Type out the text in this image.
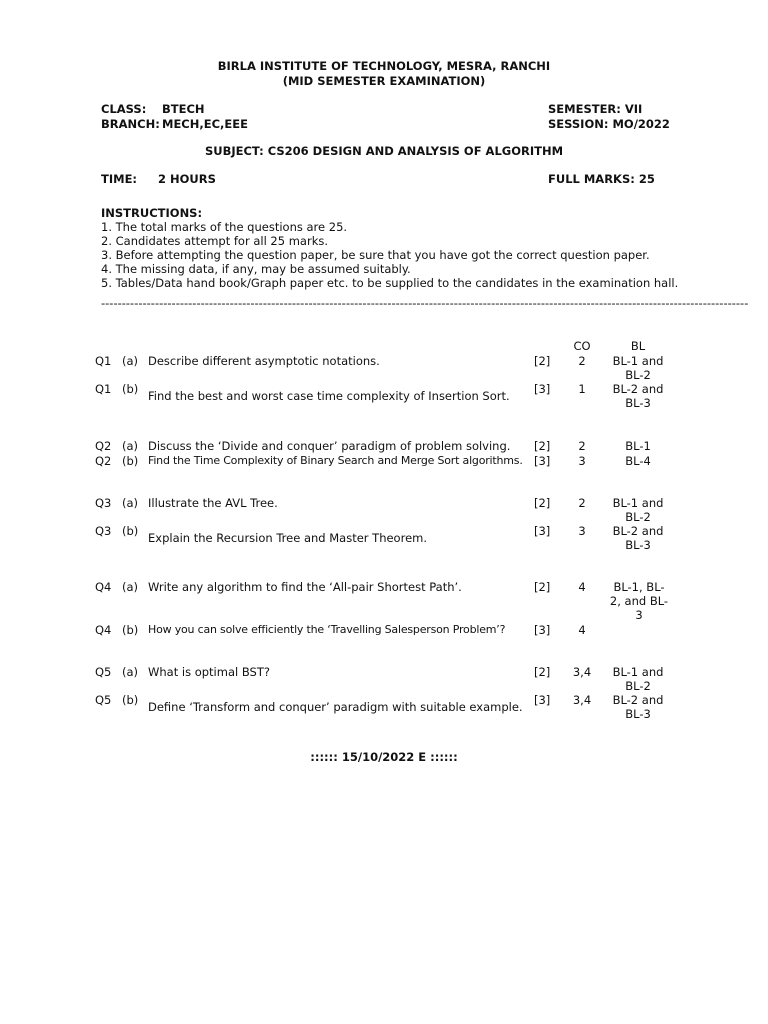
BIRLA INSTITUTE OF TECHNOLOGY, MESRA, RANCHI
(MID SEMESTER EXAMINATION)
CLASS: BTECH
BRANCH: MECH,EC,EEE
SEMESTER: VII
SESSION: MO/2022
SUBJECT: CS206 DESIGN AND ANALYSIS OF ALGORITHM
TIME: 2 HOURS	FULL MARKS: 25
INSTRUCTIONS:
1. The total marks of the questions are 25.
2. Candidates attempt for all 25 marks.
3. Before attempting the question paper, be sure that you have got the correct question paper.
4. The missing data, if any, may be assumed suitably.
5. Tables/Data hand book/Graph paper etc. to be supplied to the candidates in the examination hall.
------------------------------------------------------------------------------------------------------------------------------------------------------------
CO	BL
Q1 (a) Describe different asymptotic notations.	[2]	2	BL-1 and BL-2
Q1 (b) Find the best and worst case time complexity of Insertion Sort. [3]	1	BL-2 and BL-3
Q2 (a) Discuss the ‘Divide and conquer’ paradigm of problem solving. [2]	2	BL-1
Q2 (b) Find the Time Complexity of Binary Search and Merge Sort algorithms. [3]	3	BL-4
Q3 (a) Illustrate the AVL Tree.	[2]	2	BL-1 and BL-2
Q3 (b) Explain the Recursion Tree and Master Theorem.	[3]	3	BL-2 and BL-3
Q4 (a) Write any algorithm to find the ‘All-pair Shortest Path’.	[2]	4	BL-1, BL-2, and BL-3
Q4 (b) How you can solve efficiently the ‘Travelling Salesperson Problem’?	[3]	4
Q5 (a) What is optimal BST?	[2]	3,4	BL-1 and BL-2
Q5 (b) Define ‘Transform and conquer’ paradigm with suitable example. [3]	3,4	BL-2 and BL-3
:::::: 15/10/2022 E ::::::
